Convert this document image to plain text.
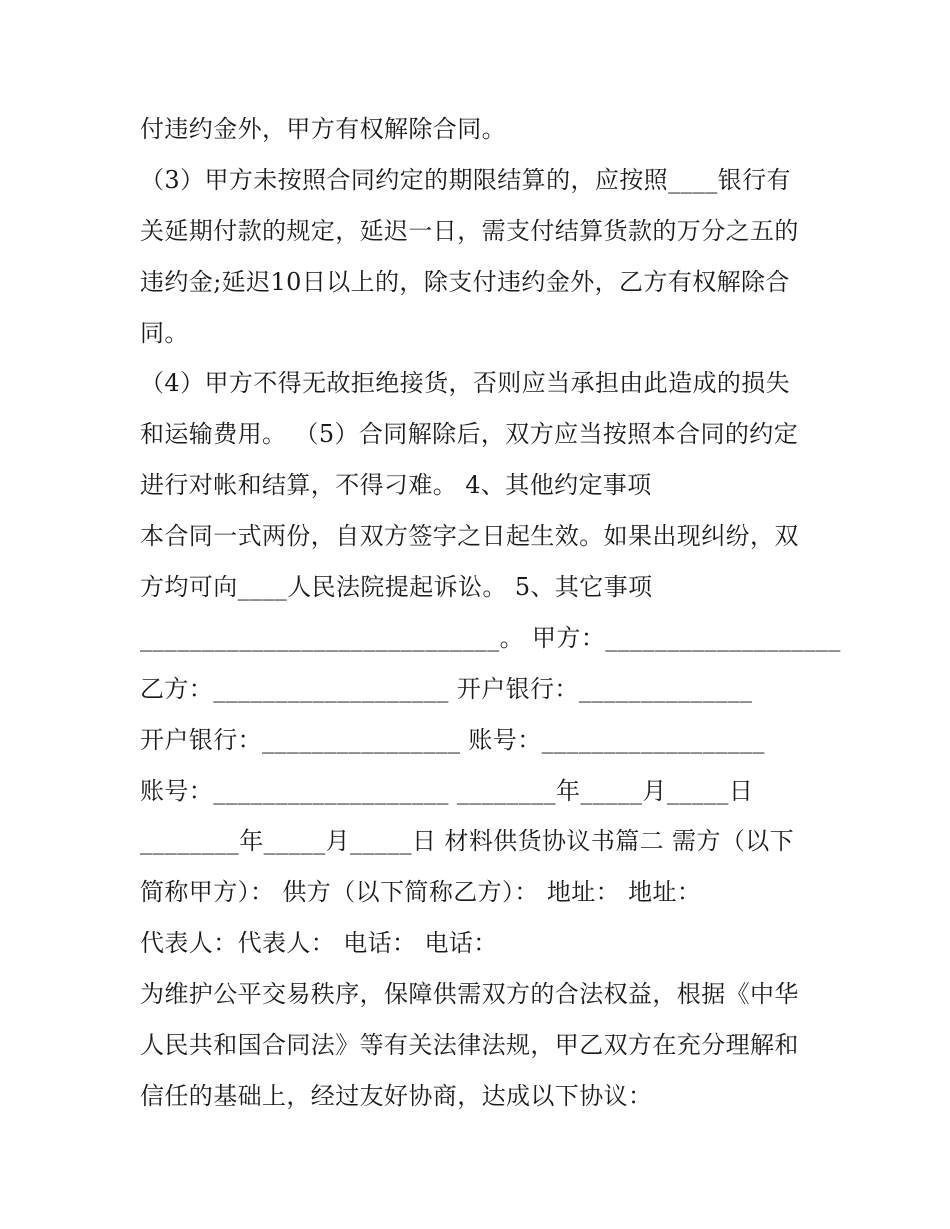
付违约金外，甲方有权解除合同。

（3）甲方未按照合同约定的期限结算的，应按照____银行有

关延期付款的规定，延迟一日，需支付结算货款的万分之五的

违约金;延迟10日以上的，除支付违约金外，乙方有权解除合

同。

（4）甲方不得无故拒绝接货，否则应当承担由此造成的损失

和运输费用。 （5）合同解除后，双方应当按照本合同的约定

进行对帐和结算，不得刁难。 4、其他约定事项

本合同一式两份，自双方签字之日起生效。如果出现纠纷，双

方均可向____人民法院提起诉讼。 5、其它事项

_____________________________。 甲方：___________________

乙方：___________________ 开户银行：______________

开户银行：________________ 账号：__________________

账号：___________________ ________年_____月_____日

________年_____月_____日 材料供货协议书篇二 需方（以下

简称甲方）： 供方（以下简称乙方）： 地址： 地址：

代表人：代表人： 电话： 电话：

为维护公平交易秩序，保障供需双方的合法权益，根据《中华

人民共和国合同法》等有关法律法规，甲乙双方在充分理解和

信任的基础上，经过友好协商，达成以下协议：
